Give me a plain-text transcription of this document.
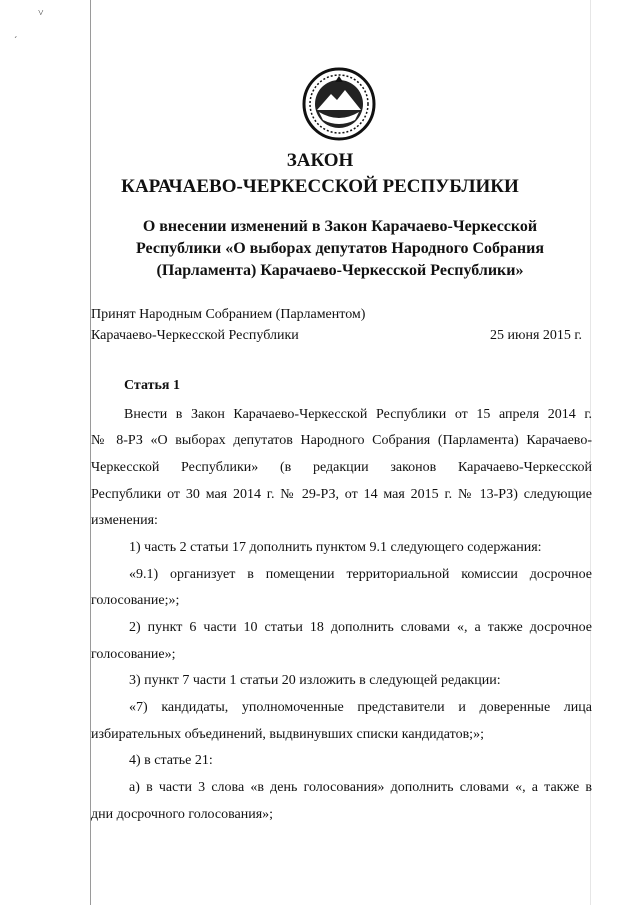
˅
ˊ
ЗАКОН
КАРАЧАЕВО-ЧЕРКЕССКОЙ РЕСПУБЛИКИ
О внесении изменений в Закон Карачаево-Черкесской
Республики «О выборах депутатов Народного Собрания
(Парламента) Карачаево-Черкесской Республики»
Принят Народным Собранием (Парламентом)
Карачаево-Черкесской Республики	25 июня 2015 г.
Статья 1
Внести в Закон Карачаево-Черкесской Республики от 15 апреля 2014 г.
№ 8-РЗ «О выборах депутатов Народного Собрания (Парламента) Карачаево-
Черкесской Республики» (в редакции законов Карачаево-Черкесской
Республики от 30 мая 2014 г. № 29-РЗ, от 14 мая 2015 г. № 13-РЗ) следующие
изменения:
1) часть 2 статьи 17 дополнить пунктом 9.1 следующего содержания:
«9.1) организует в помещении территориальной комиссии досрочное
голосование;»;
2) пункт 6 части 10 статьи 18 дополнить словами «, а также досрочное
голосование»;
3) пункт 7 части 1 статьи 20 изложить в следующей редакции:
«7) кандидаты, уполномоченные представители и доверенные лица
избирательных объединений, выдвинувших списки кандидатов;»;
4) в статье 21:
а) в части 3 слова «в день голосования» дополнить словами «, а также в
дни досрочного голосования»;
